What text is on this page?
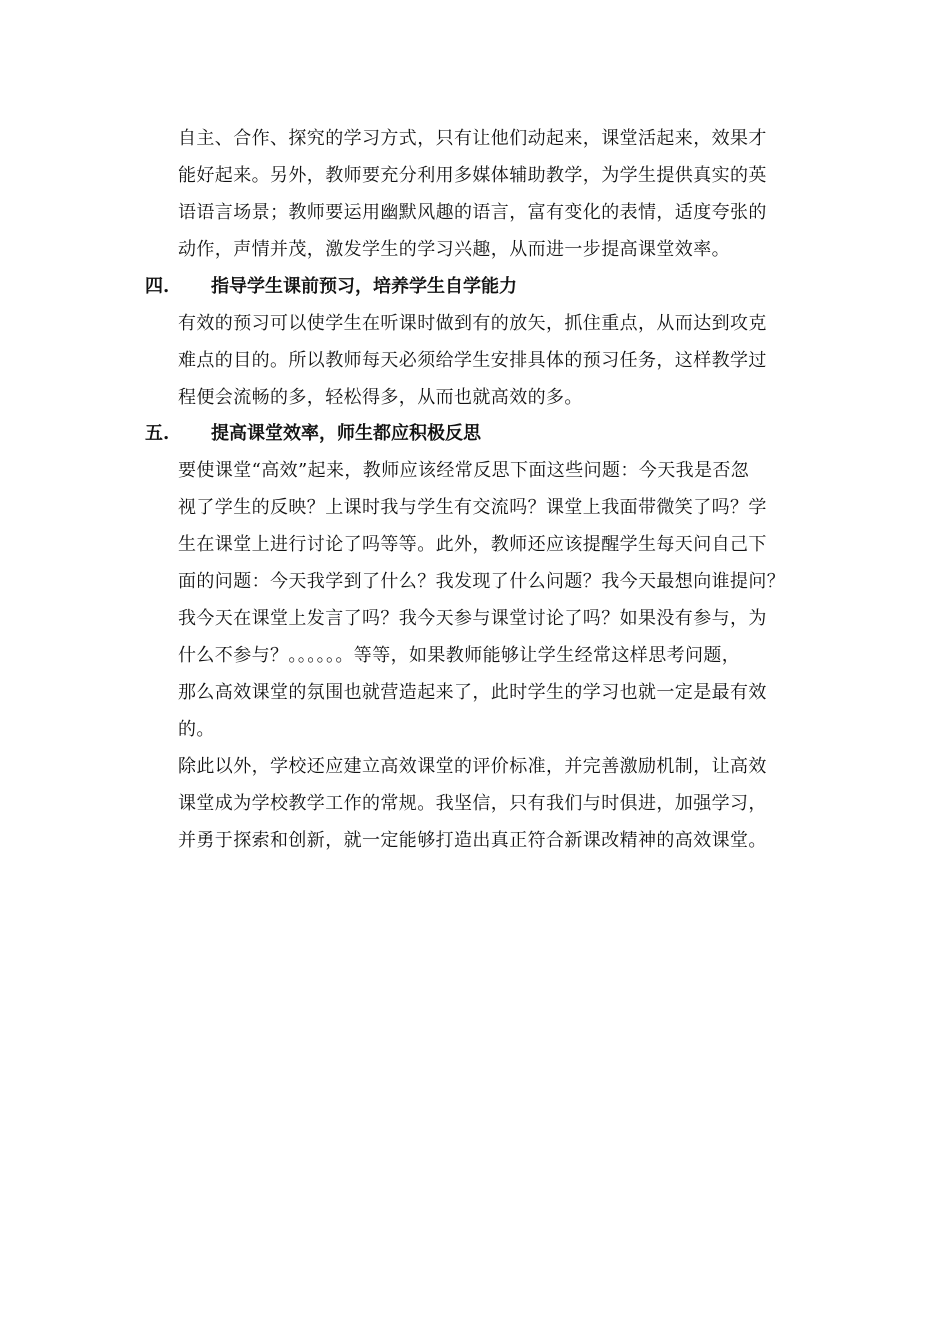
自主、合作、探究的学习方式，只有让他们动起来，课堂活起来，效果才
能好起来。另外，教师要充分利用多媒体辅助教学，为学生提供真实的英
语语言场景；教师要运用幽默风趣的语言，富有变化的表情，适度夸张的
动作，声情并茂，激发学生的学习兴趣，从而进一步提高课堂效率。
四. 指导学生课前预习，培养学生自学能力
有效的预习可以使学生在听课时做到有的放矢，抓住重点，从而达到攻克
难点的目的。所以教师每天必须给学生安排具体的预习任务，这样教学过
程便会流畅的多，轻松得多，从而也就高效的多。
五. 提高课堂效率，师生都应积极反思
要使课堂“高效”起来，教师应该经常反思下面这些问题：今天我是否忽
视了学生的反映？上课时我与学生有交流吗？课堂上我面带微笑了吗？学
生在课堂上进行讨论了吗等等。此外，教师还应该提醒学生每天问自己下
面的问题：今天我学到了什么？我发现了什么问题？我今天最想向谁提问？
我今天在课堂上发言了吗？我今天参与课堂讨论了吗？如果没有参与，为
什么不参与？。。。。。。等等，如果教师能够让学生经常这样思考问题，
那么高效课堂的氛围也就营造起来了，此时学生的学习也就一定是最有效
的。
除此以外，学校还应建立高效课堂的评价标准，并完善激励机制，让高效
课堂成为学校教学工作的常规。我坚信，只有我们与时俱进，加强学习，
并勇于探索和创新，就一定能够打造出真正符合新课改精神的高效课堂。
